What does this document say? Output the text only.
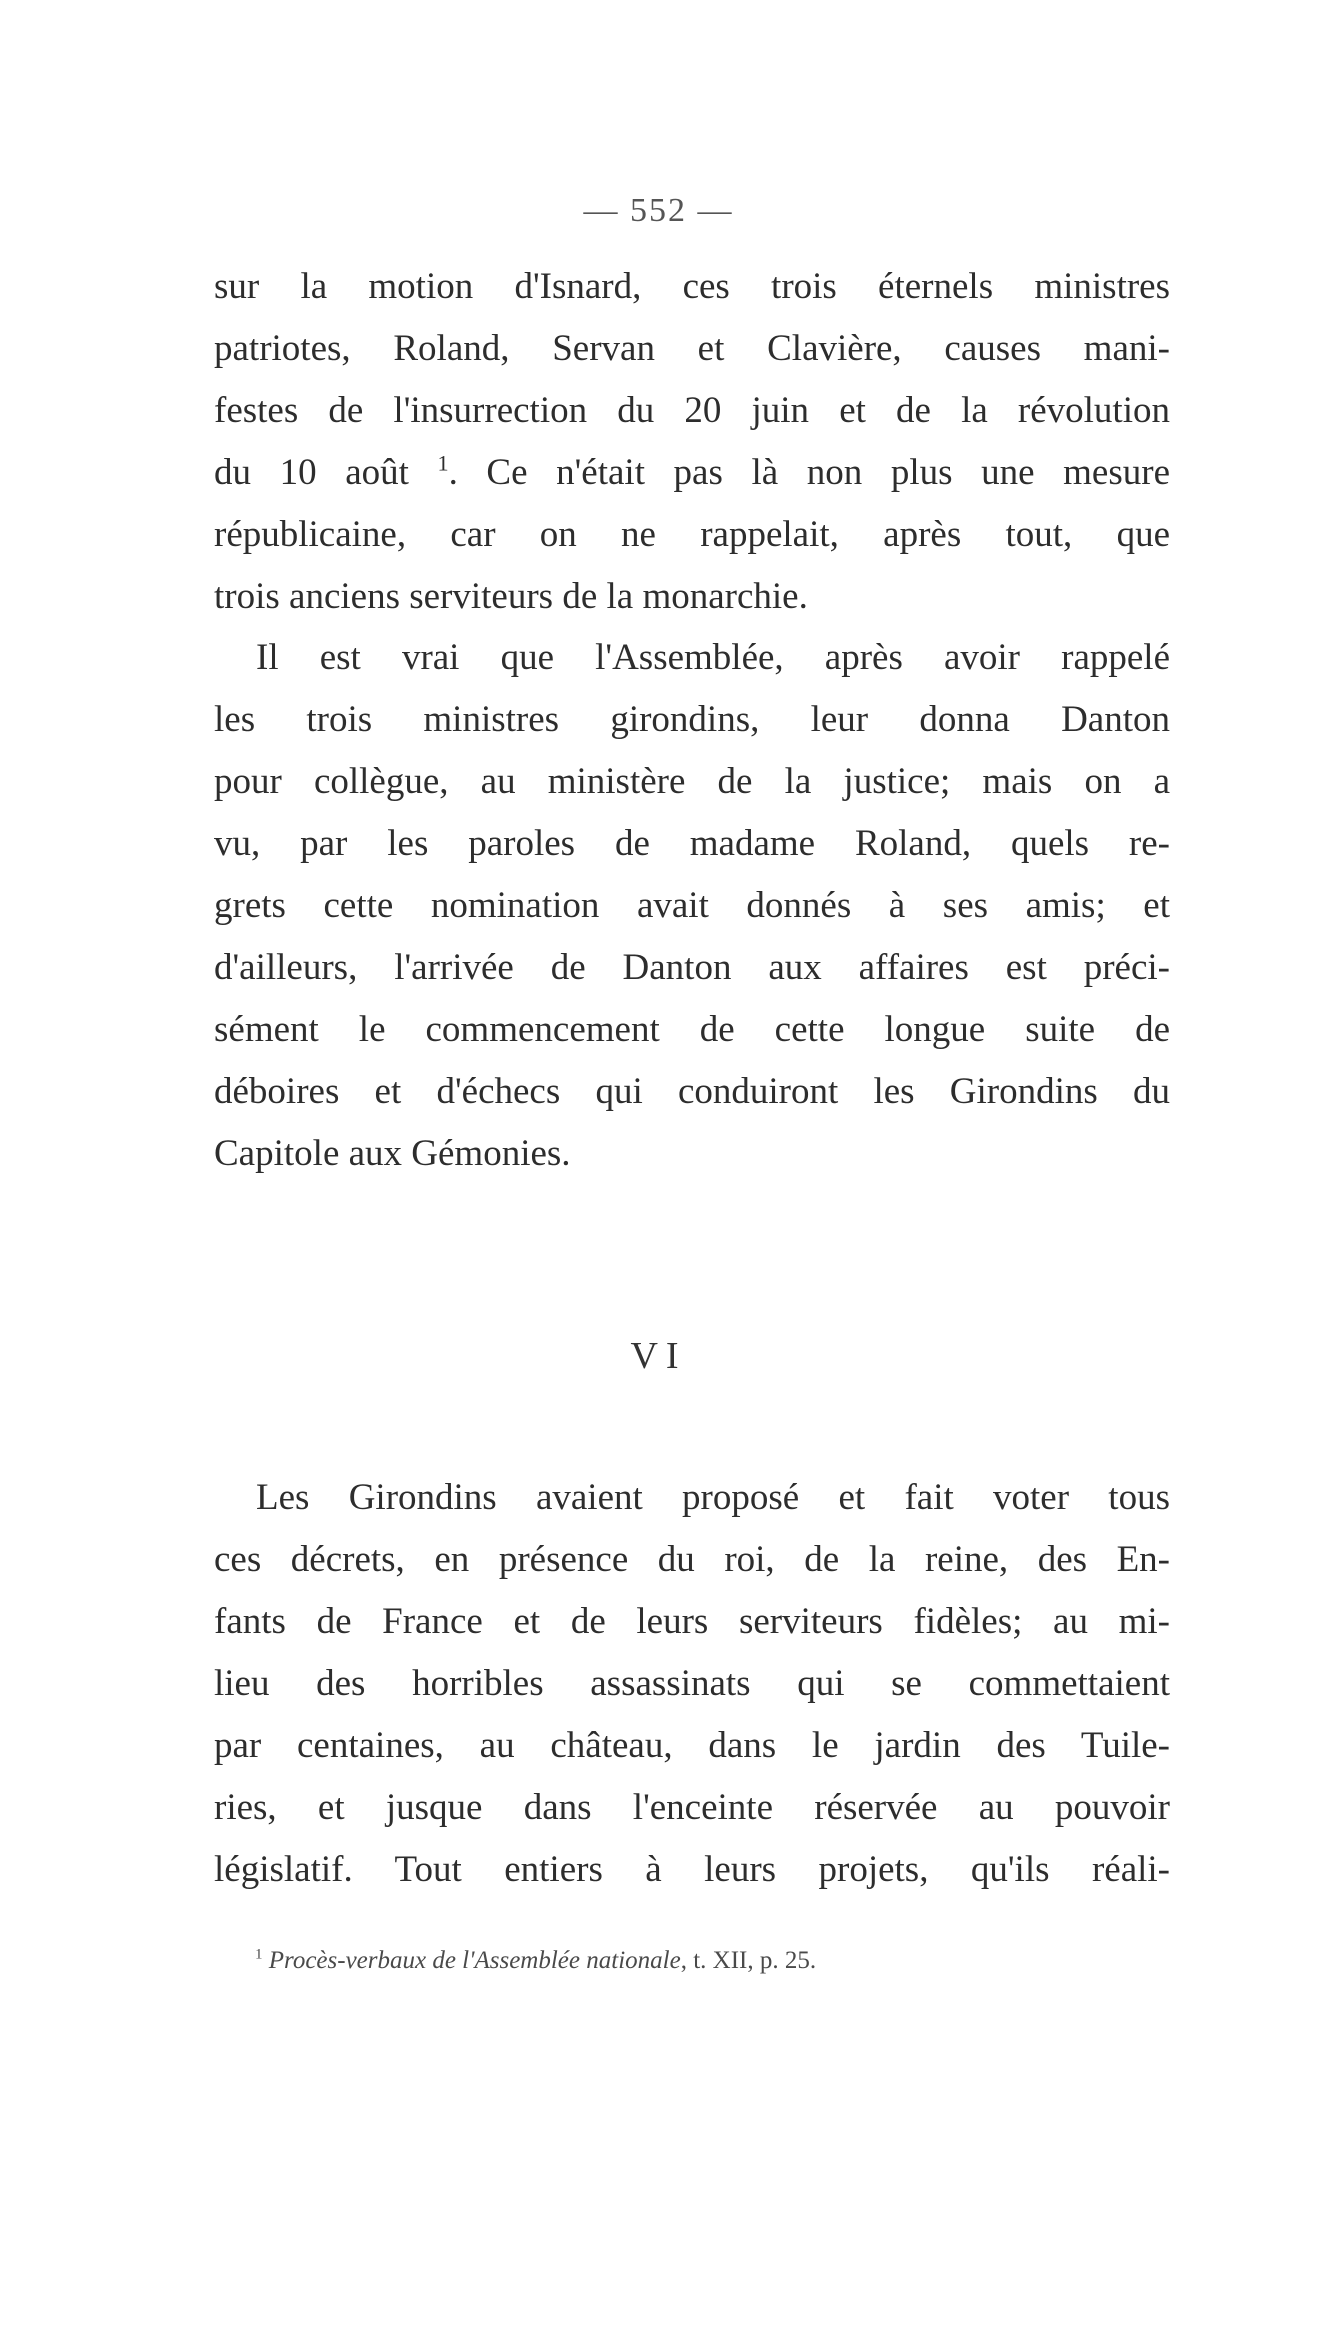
— 552 —
sur la motion d'Isnard, ces trois éternels ministres
patriotes, Roland, Servan et Clavière, causes mani-
festes de l'insurrection du 20 juin et de la révolution
du 10 août $^1$. Ce n'était pas là non plus une mesure
républicaine, car on ne rappelait, après tout, que
trois anciens serviteurs de la monarchie.
Il est vrai que l'Assemblée, après avoir rappelé
les trois ministres girondins, leur donna Danton
pour collègue, au ministère de la justice; mais on a
vu, par les paroles de madame Roland, quels re-
grets cette nomination avait donnés à ses amis; et
d'ailleurs, l'arrivée de Danton aux affaires est préci-
sément le commencement de cette longue suite de
déboires et d'échecs qui conduiront les Girondins du
Capitole aux Gémonies.
VI
Les Girondins avaient proposé et fait voter tous
ces décrets, en présence du roi, de la reine, des En-
fants de France et de leurs serviteurs fidèles; au mi-
lieu des horribles assassinats qui se commettaient
par centaines, au château, dans le jardin des Tuile-
ries, et jusque dans l'enceinte réservée au pouvoir
législatif. Tout entiers à leurs projets, qu'ils réali-
$^1$ Procès-verbaux de l'Assemblée nationale, t. XII, p. 25.
